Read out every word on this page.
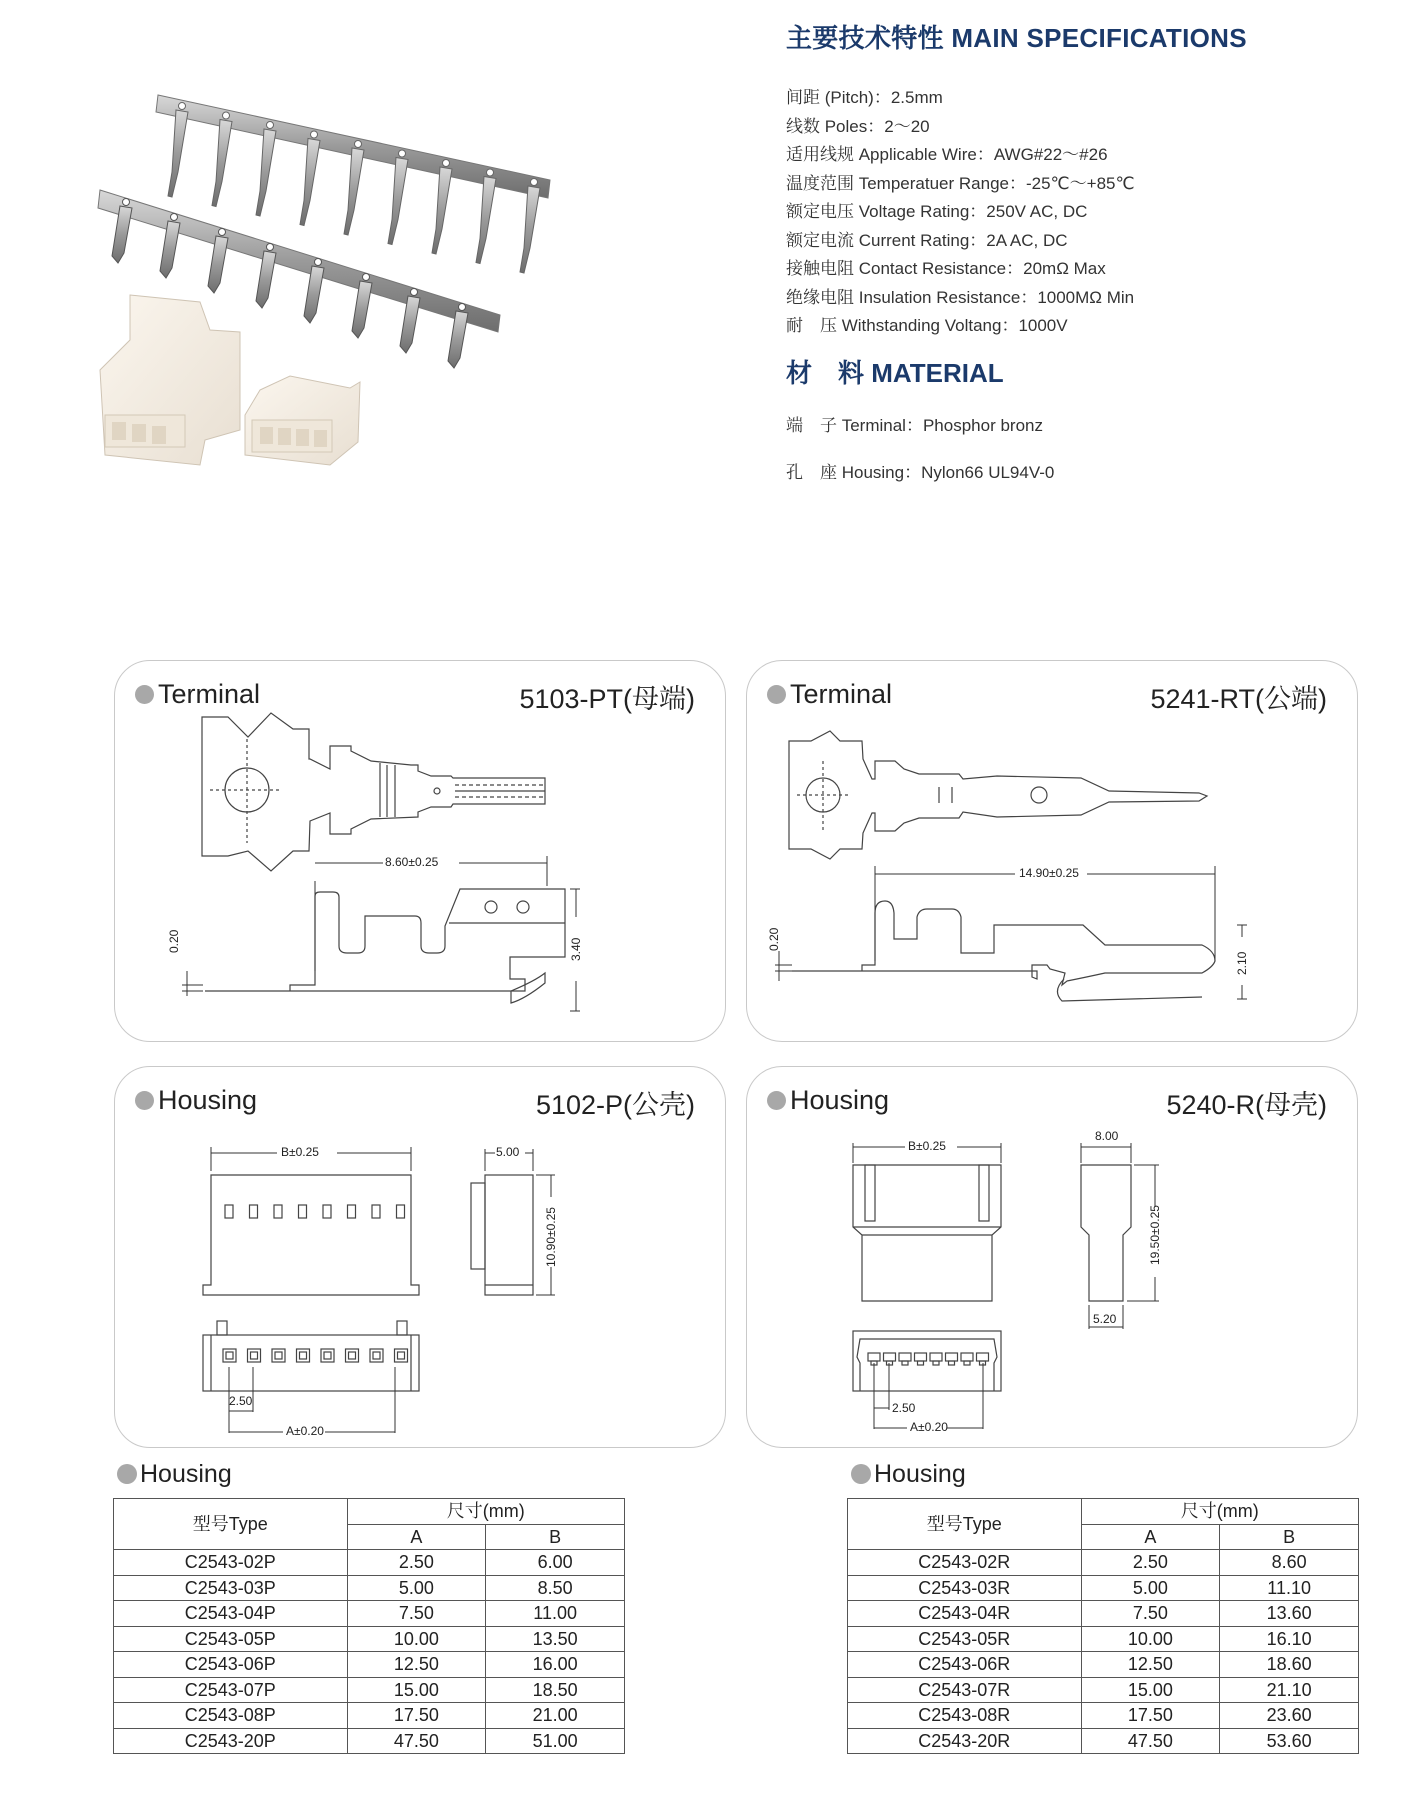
主要技术特性 MAIN SPECIFICATIONS
间距 (Pitch)：2.5mm
线数 Poles：2～20
适用线规 Applicable Wire：AWG#22～#26
温度范围 Temperatuer Range：-25℃～+85℃
额定电压 Voltage Rating：250V AC, DC
额定电流 Current Rating：2A AC, DC
接触电阻 Contact Resistance：20mΩ Max
绝缘电阻 Insulation Resistance：1000MΩ Min
耐　压 Withstanding Voltang：1000V
材　料 MATERIAL
端　子 Terminal：Phosphor bronz
孔　座 Housing：Nylon66 UL94V-0
Terminal	5103-PT(母端)
8.60±0.25
0.20	3.40
Terminal	5241-RT(公端)
14.90±0.25
0.20
2.10
Housing	5102-P(公壳)
B±0.25	5.00
10.90±0.25
2.50
A±0.20
Housing	5240-R(母壳)
B±0.25
8.00
19.50±0.25
5.20
2.50
A±0.20
Housing
型号Type	尺寸(mm)	
	A	B
C2543-02P	2.50	6.00
C2543-03P	5.00	8.50
C2543-04P	7.50	11.00
C2543-05P	10.00	13.50
C2543-06P	12.50	16.00
C2543-07P	15.00	18.50
C2543-08P	17.50	21.00
C2543-20P	47.50	51.00
Housing
型号Type	尺寸(mm)	
	A	B
C2543-02R	2.50	8.60
C2543-03R	5.00	11.10
C2543-04R	7.50	13.60
C2543-05R	10.00	16.10
C2543-06R	12.50	18.60
C2543-07R	15.00	21.10
C2543-08R	17.50	23.60
C2543-20R	47.50	53.60
